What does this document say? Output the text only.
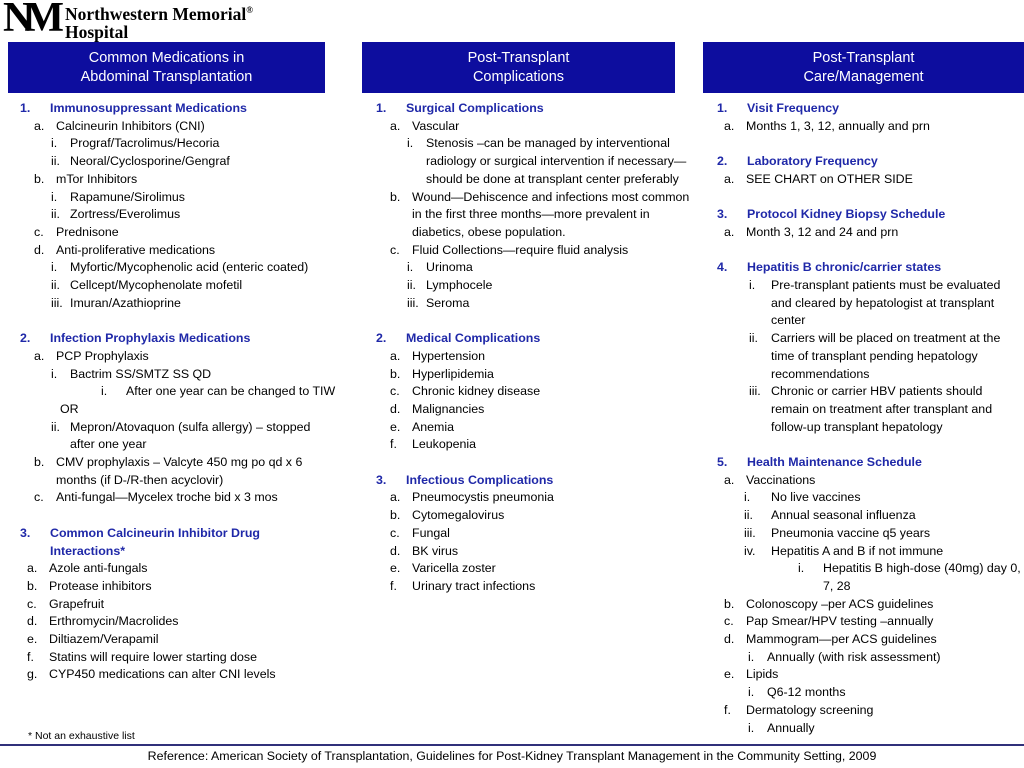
NM Northwestern Memorial®
Hospital
Common Medications in
Abdominal Transplantation
Post-Transplant
Complications
Post-Transplant
Care/Management
1.	Immunosuppressant Medications
a. Calcineurin Inhibitors (CNI)
i.	Prograf/Tacrolimus/Hecoria
ii. Neoral/Cyclosporine/Gengraf
b. mTor Inhibitors
i.	Rapamune/Sirolimus
ii. Zortress/Everolimus
c. Prednisone
d. Anti-proliferative medications
i.	Myfortic/Mycophenolic acid (enteric coated)
ii. Cellcept/Mycophenolate mofetil
iii. Imuran/Azathioprine
2.	Infection Prophylaxis Medications
a. PCP Prophylaxis
i.	Bactrim SS/SMTZ SS QD
i.	After one year can be changed to TIW
OR
ii. Mepron/Atovaquon (sulfa allergy) – stopped after one year
b. CMV prophylaxis – Valcyte 450 mg po qd x 6 months (if D-/R-then acyclovir)
c. Anti-fungal—Mycelex troche bid x 3 mos
3.	Common Calcineurin Inhibitor Drug Interactions*
a. Azole anti-fungals
b. Protease inhibitors
c. Grapefruit
d. Erthromycin/Macrolides
e. Diltiazem/Verapamil
f.	Statins will require lower starting dose
g. CYP450 medications can alter CNI levels
1.	Surgical Complications
a. Vascular
i.	Stenosis –can be managed by interventional radiology or surgical intervention if necessary—should be done at transplant center preferably
b. Wound—Dehiscence and infections most common in the first three months—more prevalent in diabetics, obese population.
c. Fluid Collections—require fluid analysis
i.	Urinoma
ii. Lymphocele
iii. Seroma
2.	Medical Complications
a. Hypertension
b. Hyperlipidemia
c. Chronic kidney disease
d. Malignancies
e. Anemia
f.	Leukopenia
3.	Infectious Complications
a. Pneumocystis pneumonia
b. Cytomegalovirus
c. Fungal
d. BK virus
e. Varicella zoster
f.	Urinary tract infections
1.	Visit Frequency
a. Months 1, 3, 12, annually and prn
2.	Laboratory Frequency
a. SEE CHART on OTHER SIDE
3.	Protocol Kidney Biopsy Schedule
a. Month 3, 12 and 24 and prn
4.	Hepatitis B chronic/carrier states
i.	Pre-transplant patients must be evaluated and cleared by hepatologist at transplant center
ii.	Carriers will be placed on treatment at the time of transplant pending hepatology recommendations
iii. Chronic or carrier HBV patients should remain on treatment after transplant and follow-up transplant hepatology
5.	Health Maintenance Schedule
a. Vaccinations
i.	No live vaccines
ii.	Annual seasonal influenza
iii.	Pneumonia vaccine q5 years
iv.	Hepatitis A and B if not immune
i.	Hepatitis B high-dose (40mg) day 0, 7, 28
b. Colonoscopy –per ACS guidelines
c. Pap Smear/HPV testing –annually
d. Mammogram—per ACS guidelines
i.	Annually (with risk assessment)
e. Lipids
i.	Q6-12 months
f.	Dermatology screening
i.	Annually
* Not an exhaustive list
Reference: American Society of Transplantation, Guidelines for Post-Kidney Transplant Management in the Community Setting, 2009
